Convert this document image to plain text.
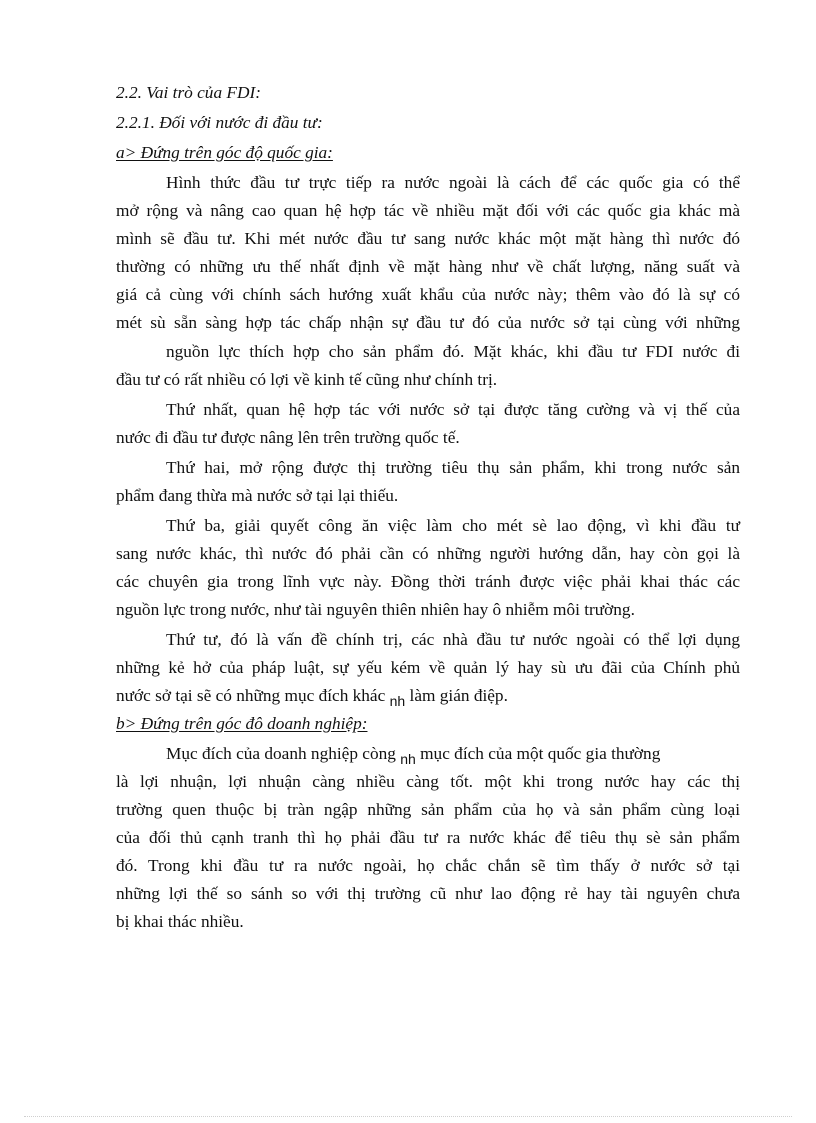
2.2. Vai trò của FDI:

2.2.1. Đối với nước đi đầu tư:

a> Đứng trên góc độ quốc gia:

Hình thức đầu tư trực tiếp ra nước ngoài là cách để các quốc gia có thể

mở rộng và nâng cao quan hệ hợp tác về nhiều mặt đối với các quốc gia khác mà

mình sẽ đầu tư. Khi mét nước đầu tư sang nước khác một mặt hàng thì nước đó

thường có những ưu thế nhất định về mặt hàng như về chất lượng, năng suất và

giá cả cùng với chính sách hướng xuất khẩu của nước này; thêm vào đó là sự có

mét sù sẵn sàng hợp tác chấp nhận sự đầu tư đó của nước sở tại cùng với những

nguồn lực thích hợp cho sản phẩm đó. Mặt khác, khi đầu tư FDI nước đi

đầu tư có rất nhiều có lợi về kinh tế cũng như chính trị.

Thứ nhất, quan hệ hợp tác với nước sở tại được tăng cường và vị thế của

nước đi đầu tư được nâng lên trên trường quốc tế.

Thứ hai, mở rộng được thị trường tiêu thụ sản phẩm, khi trong nước sản

phẩm đang thừa mà nước sở tại lại thiếu.

Thứ ba, giải quyết công ăn việc làm cho mét sè lao động, vì khi đầu tư

sang nước khác, thì nước đó phải cần có những người hướng dẫn, hay còn gọi là

các chuyên gia trong lĩnh vực này. Đồng thời tránh được việc phải khai thác các

nguồn lực trong nước, như tài nguyên thiên nhiên hay ô nhiễm môi trường.

Thứ tư, đó là vấn đề chính trị, các nhà đầu tư nước ngoài có thể lợi dụng

những kẻ hở của pháp luật, sự yếu kém về quản lý hay sù ưu đãi của Chính phủ

nước sở tại sẽ có những mục đích khác $_{nh}$ làm gián điệp.

b> Đứng trên góc đô doanh nghiệp:

Mục đích của doanh nghiệp còng $_{nh}$ mục đích của một quốc gia thường

là lợi nhuận, lợi nhuận càng nhiều càng tốt. một khi trong nước hay các thị

trường quen thuộc bị tràn ngập những sản phẩm của họ và sản phẩm cùng loại

của đối thủ cạnh tranh thì họ phải đầu tư ra nước khác để tiêu thụ sè sản phẩm

đó. Trong khi đầu tư ra nước ngoài, họ chắc chắn sẽ tìm thấy ở nước sở tại

những lợi thế so sánh so với thị trường cũ như lao động rẻ hay tài nguyên chưa

bị khai thác nhiều.
